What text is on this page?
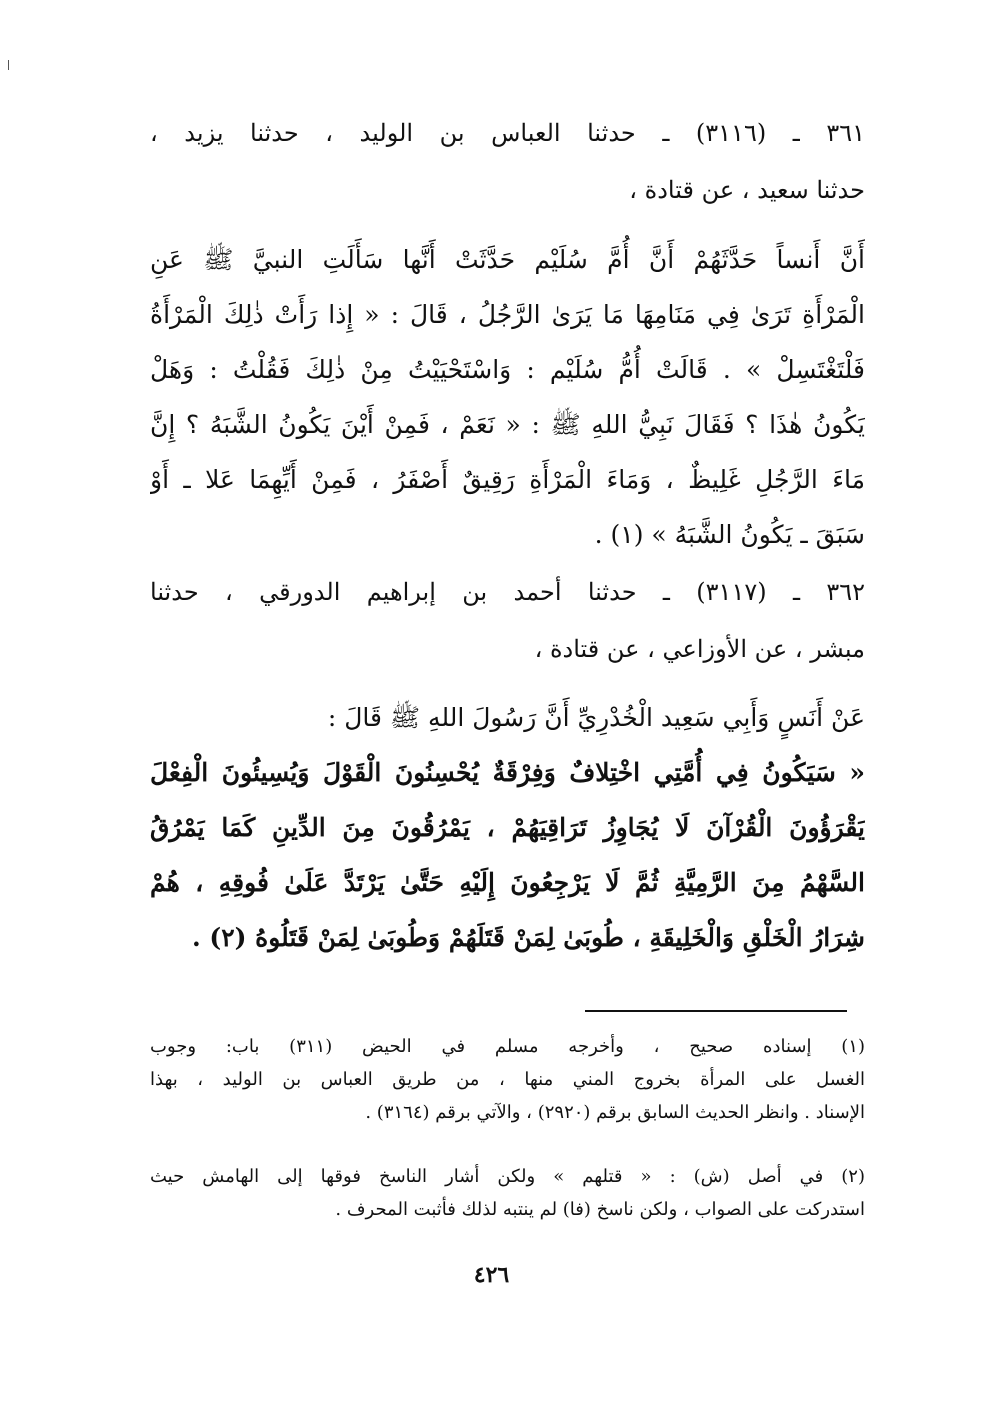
٣٦١ ـ (٣١١٦) ـ حدثنا العباس بن الوليد ، حدثنا يزيد ،
حدثنا سعيد ، عن قتادة ،
أَنَّ أَنساً حَدَّثَهُمْ أَنَّ أُمَّ سُلَيْم حَدَّثَتْ أَنَّها سَأَلَتِ النبيَّ ﷺ عَنِ
الْمَرْأَةِ تَرَىٰ فِي مَنَامِهَا مَا يَرَىٰ الرَّجُلُ ، قَالَ : « إِذا رَأَتْ ذٰلِكَ الْمَرْأَةُ
فَلْتَغْتَسِلْ » . قَالَتْ أُمُّ سُلَيْم : وَاسْتَحْيَيْتُ مِنْ ذٰلِكَ فَقُلْتُ : وَهَلْ
يَكُونُ هٰذَا ؟ فَقَالَ نَبِيُّ اللهِ ﷺ : « نَعَمْ ، فَمِنْ أَيْنَ يَكُونُ الشَّبَهُ ؟ إِنَّ
مَاءَ الرَّجُلِ غَلِيظٌ ، وَمَاءَ الْمَرْأَةِ رَقِيقٌ أَصْفَرُ ، فَمِنْ أَيِّهِمَا عَلا ـ أَوْ
سَبَقَ ـ يَكُونُ الشَّبَهُ » (١) .
٣٦٢ ـ (٣١١٧) ـ حدثنا أحمد بن إبراهيم الدورقي ، حدثنا
مبشر ، عن الأوزاعي ، عن قتادة ،
عَنْ أَنَسٍ وَأَبِي سَعِيد الْخُدْرِيِّ أَنَّ رَسُولَ اللهِ ﷺ قَالَ :
« سَيَكُونُ فِي أُمَّتِي اخْتِلافٌ وَفِرْقَةٌ يُحْسِنُونَ الْقَوْلَ وَيُسِيئُونَ الْفِعْلَ
يَقْرَؤُونَ الْقُرْآنَ لَا يُجَاوِزُ تَرَاقِيَهُمْ ، يَمْرُقُونَ مِنَ الدِّينِ كَمَا يَمْرُقُ
السَّهْمُ مِنَ الرَّمِيَّةِ ثُمَّ لَا يَرْجِعُونَ إِلَيْهِ حَتَّىٰ يَرْتَدَّ عَلَىٰ فُوقِهِ ، هُمْ
شِرَارُ الْخَلْقِ وَالْخَلِيقَةِ ، طُوبَىٰ لِمَنْ قَتَلَهُمْ وَطُوبَىٰ لِمَنْ قَتَلُوهُ (٢) .
(١) إسناده صحيح ، وأخرجه مسلم في الحيض (٣١١) باب: وجوب
الغسل على المرأة بخروج المني منها ، من طريق العباس بن الوليد ، بهذا
الإسناد . وانظر الحديث السابق برقم (٢٩٢٠) ، والآتي برقم (٣١٦٤) .
(٢) في أصل (ش) : « قتلهم » ولكن أشار الناسخ فوقها إلى الهامش حيث
استدركت على الصواب ، ولكن ناسخ (فا) لم ينتبه لذلك فأثبت المحرف .
٤٢٦
